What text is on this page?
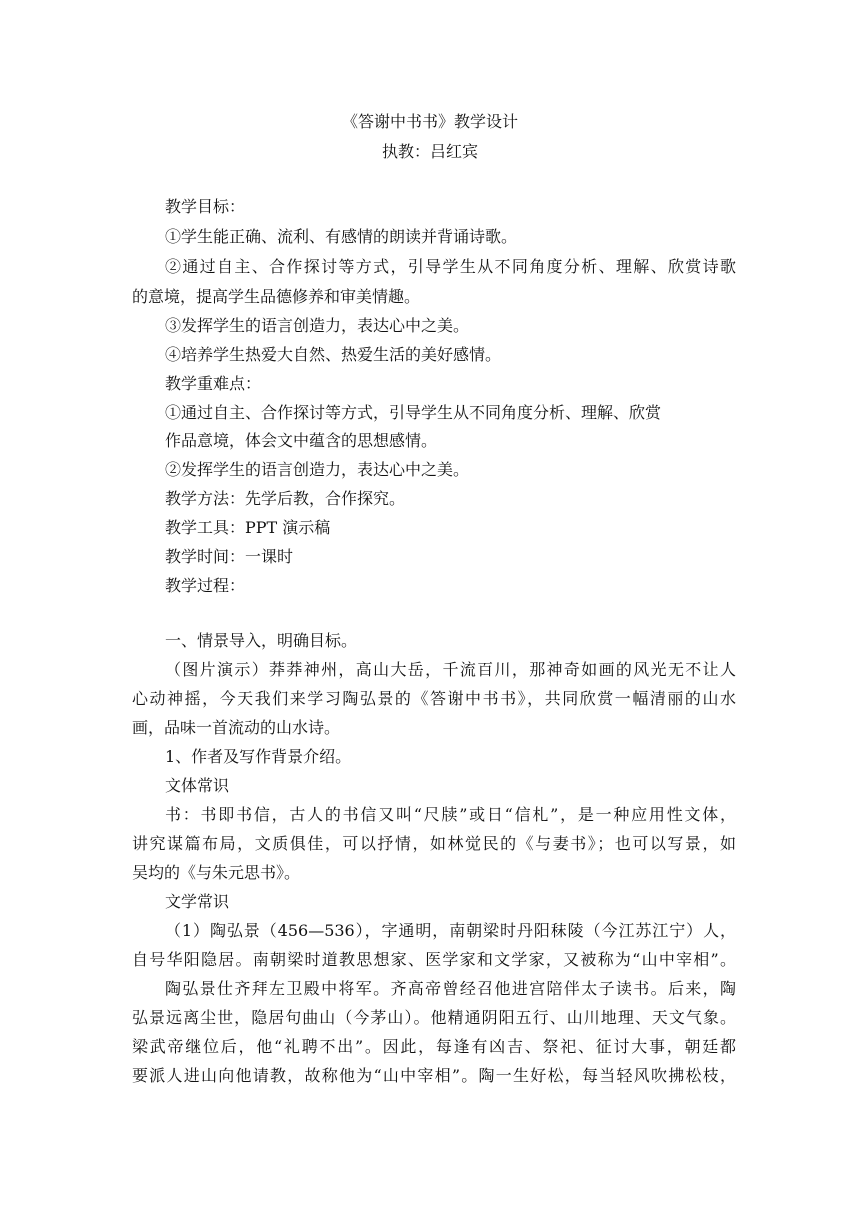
《答谢中书书》教学设计
执教：吕红宾
教学目标：
①学生能正确、流利、有感情的朗读并背诵诗歌。
②通过自主、合作探讨等方式，引导学生从不同角度分析、理解、欣赏诗歌
的意境，提高学生品德修养和审美情趣。
③发挥学生的语言创造力，表达心中之美。
④培养学生热爱大自然、热爱生活的美好感情。
教学重难点：
①通过自主、合作探讨等方式，引导学生从不同角度分析、理解、欣赏
作品意境，体会文中蕴含的思想感情。
②发挥学生的语言创造力，表达心中之美。
教学方法：先学后教，合作探究。
教学工具：PPT 演示稿
教学时间：一课时
教学过程：
一、情景导入，明确目标。
（图片演示）莽莽神州，高山大岳，千流百川，那神奇如画的风光无不让人
心动神摇，今天我们来学习陶弘景的《答谢中书书》，共同欣赏一幅清丽的山水
画，品味一首流动的山水诗。
1、作者及写作背景介绍。
文体常识
书：书即书信，古人的书信又叫“尺牍”或日“信札”，是一种应用性文体，
讲究谋篇布局，文质俱佳，可以抒情，如林觉民的《与妻书》；也可以写景，如
吴均的《与朱元思书》。
文学常识
（1）陶弘景（456—536），字通明，南朝梁时丹阳秣陵（今江苏江宁）人，
自号华阳隐居。南朝梁时道教思想家、医学家和文学家，又被称为“山中宰相”。
陶弘景仕齐拜左卫殿中将军。齐高帝曾经召他进宫陪伴太子读书。后来，陶
弘景远离尘世，隐居句曲山（今茅山）。他精通阴阳五行、山川地理、天文气象。
梁武帝继位后，他“礼聘不出”。因此，每逢有凶吉、祭祀、征讨大事，朝廷都
要派人进山向他请教，故称他为“山中宰相”。陶一生好松，每当轻风吹拂松枝，
